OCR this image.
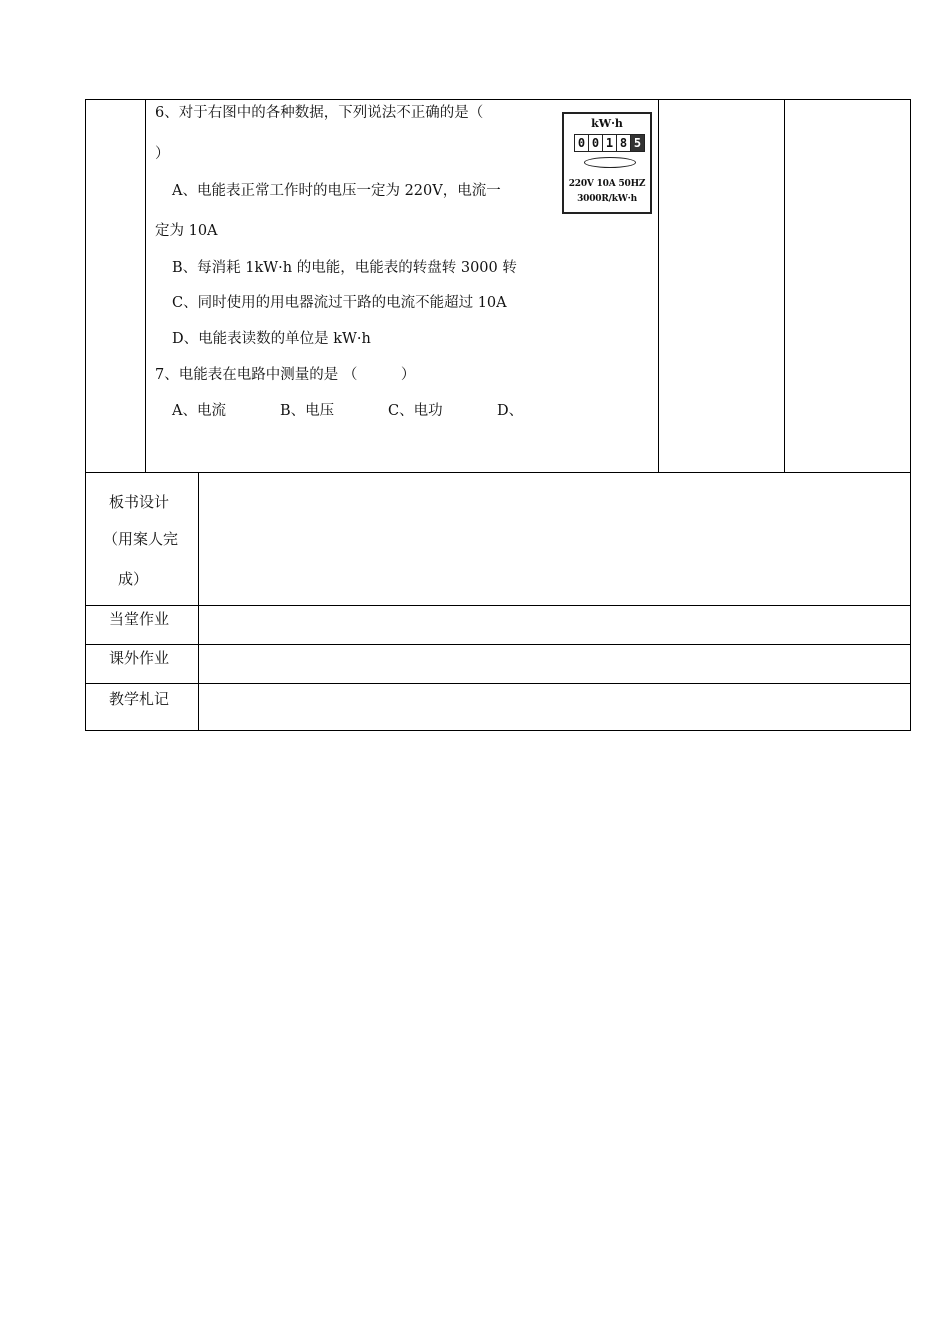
6、对于右图中的各种数据，下列说法不正确的是（
）
A、电能表正常工作时的电压一定为 220V，电流一
定为 10A
B、每消耗 1kW·h 的电能，电能表的转盘转 3000 转
C、同时使用的用电器流过干路的电流不能超过 10A
D、电能表读数的单位是 kW·h
7、电能表在电路中测量的是 （　　　）
A、电流	B、电压	C、电功	D、
kW·h
0 0 1 8 5
220V 10A 50HZ
3000R/kW·h
板书设计
（用案人完
成）
当堂作业
课外作业
教学札记
